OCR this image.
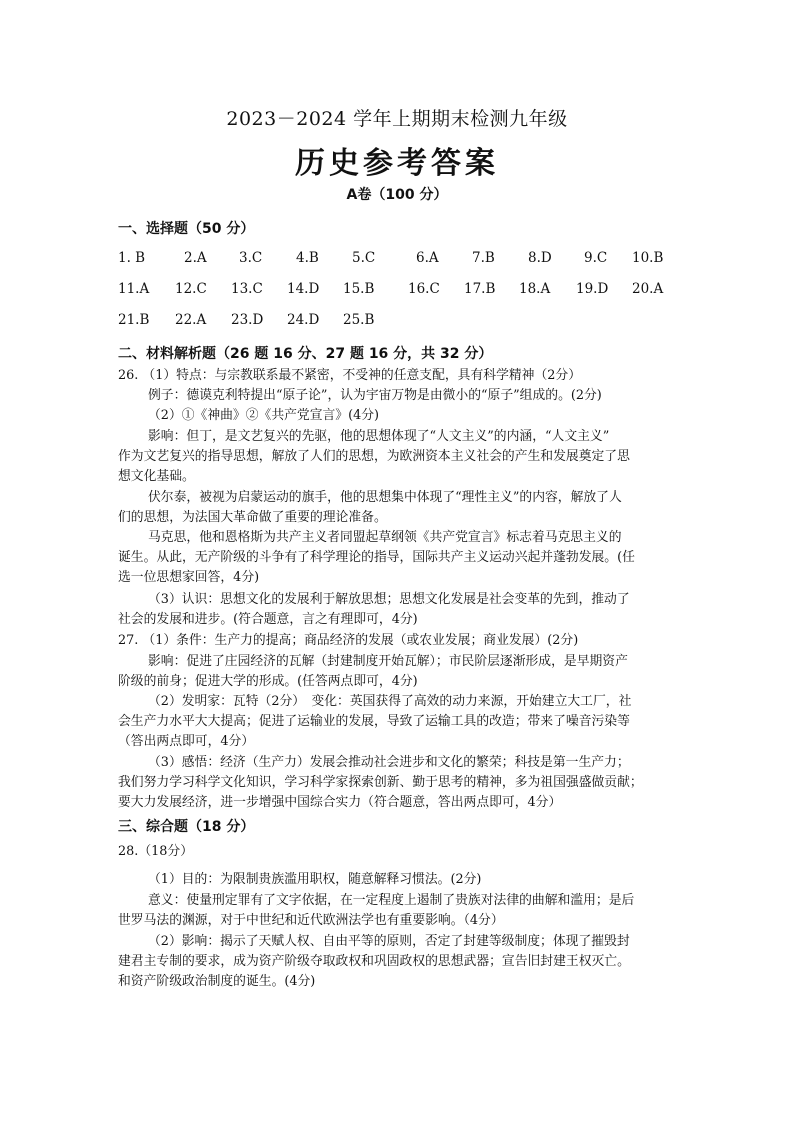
2023－2024 学年上期期末检测九年级
历史参考答案
A卷（100 分）
一、选择题（50 分）
1. B	2.A 3.C	4.B 5.C	6.A 7.B 8.D 9.C 10.B
11.A 12.C 13.C 14.D 15.B 16.C 17.B 18.A 19.D 20.A
21.B 22.A 23.D 24.D 25.B
二、材料解析题（26 题 16 分、27 题 16 分，共 32 分）
26. （1）特点：与宗教联系最不紧密，不受神的任意支配，具有科学精神（2分）
例子：德谟克利特提出“原子论”，认为宇宙万物是由微小的“原子”组成的。(2分)
（2）①《神曲》②《共产党宣言》(4分)
影响：但丁，是文艺复兴的先驱，他的思想体现了“人文主义”的内涵，“人文主义”
作为文艺复兴的指导思想，解放了人们的思想，为欧洲资本主义社会的产生和发展奠定了思
想文化基础。
伏尔泰，被视为启蒙运动的旗手，他的思想集中体现了“理性主义”的内容，解放了人
们的思想，为法国大革命做了重要的理论准备。
马克思，他和恩格斯为共产主义者同盟起草纲领《共产党宣言》标志着马克思主义的
诞生。从此，无产阶级的斗争有了科学理论的指导，国际共产主义运动兴起并蓬勃发展。(任
选一位思想家回答，4分)
（3）认识：思想文化的发展利于解放思想；思想文化发展是社会变革的先到，推动了
社会的发展和进步。(符合题意，言之有理即可，4分)
27. （1）条件：生产力的提高；商品经济的发展（或农业发展；商业发展）(2分)
影响：促进了庄园经济的瓦解（封建制度开始瓦解）；市民阶层逐渐形成，是早期资产
阶级的前身；促进大学的形成。(任答两点即可，4分)
（2）发明家：瓦特（2分）　变化：英国获得了高效的动力来源，开始建立大工厂，社
会生产力水平大大提高；促进了运输业的发展，导致了运输工具的改造；带来了噪音污染等
（答出两点即可，4分）
（3）感悟：经济（生产力）发展会推动社会进步和文化的繁荣；科技是第一生产力；
我们努力学习科学文化知识，学习科学家探索创新、勤于思考的精神，多为祖国强盛做贡献；
要大力发展经济，进一步增强中国综合实力（符合题意，答出两点即可，4分）
三、综合题（18 分）
28.（18分）
（1）目的：为限制贵族滥用职权，随意解释习惯法。(2分)
意义：使量刑定罪有了文字依据，在一定程度上遏制了贵族对法律的曲解和滥用；是后
世罗马法的渊源，对于中世纪和近代欧洲法学也有重要影响。（4分）
（2）影响：揭示了天赋人权、自由平等的原则，否定了封建等级制度；体现了摧毁封
建君主专制的要求，成为资产阶级夺取政权和巩固政权的思想武器；宣告旧封建王权灭亡。
和资产阶级政治制度的诞生。(4分)
